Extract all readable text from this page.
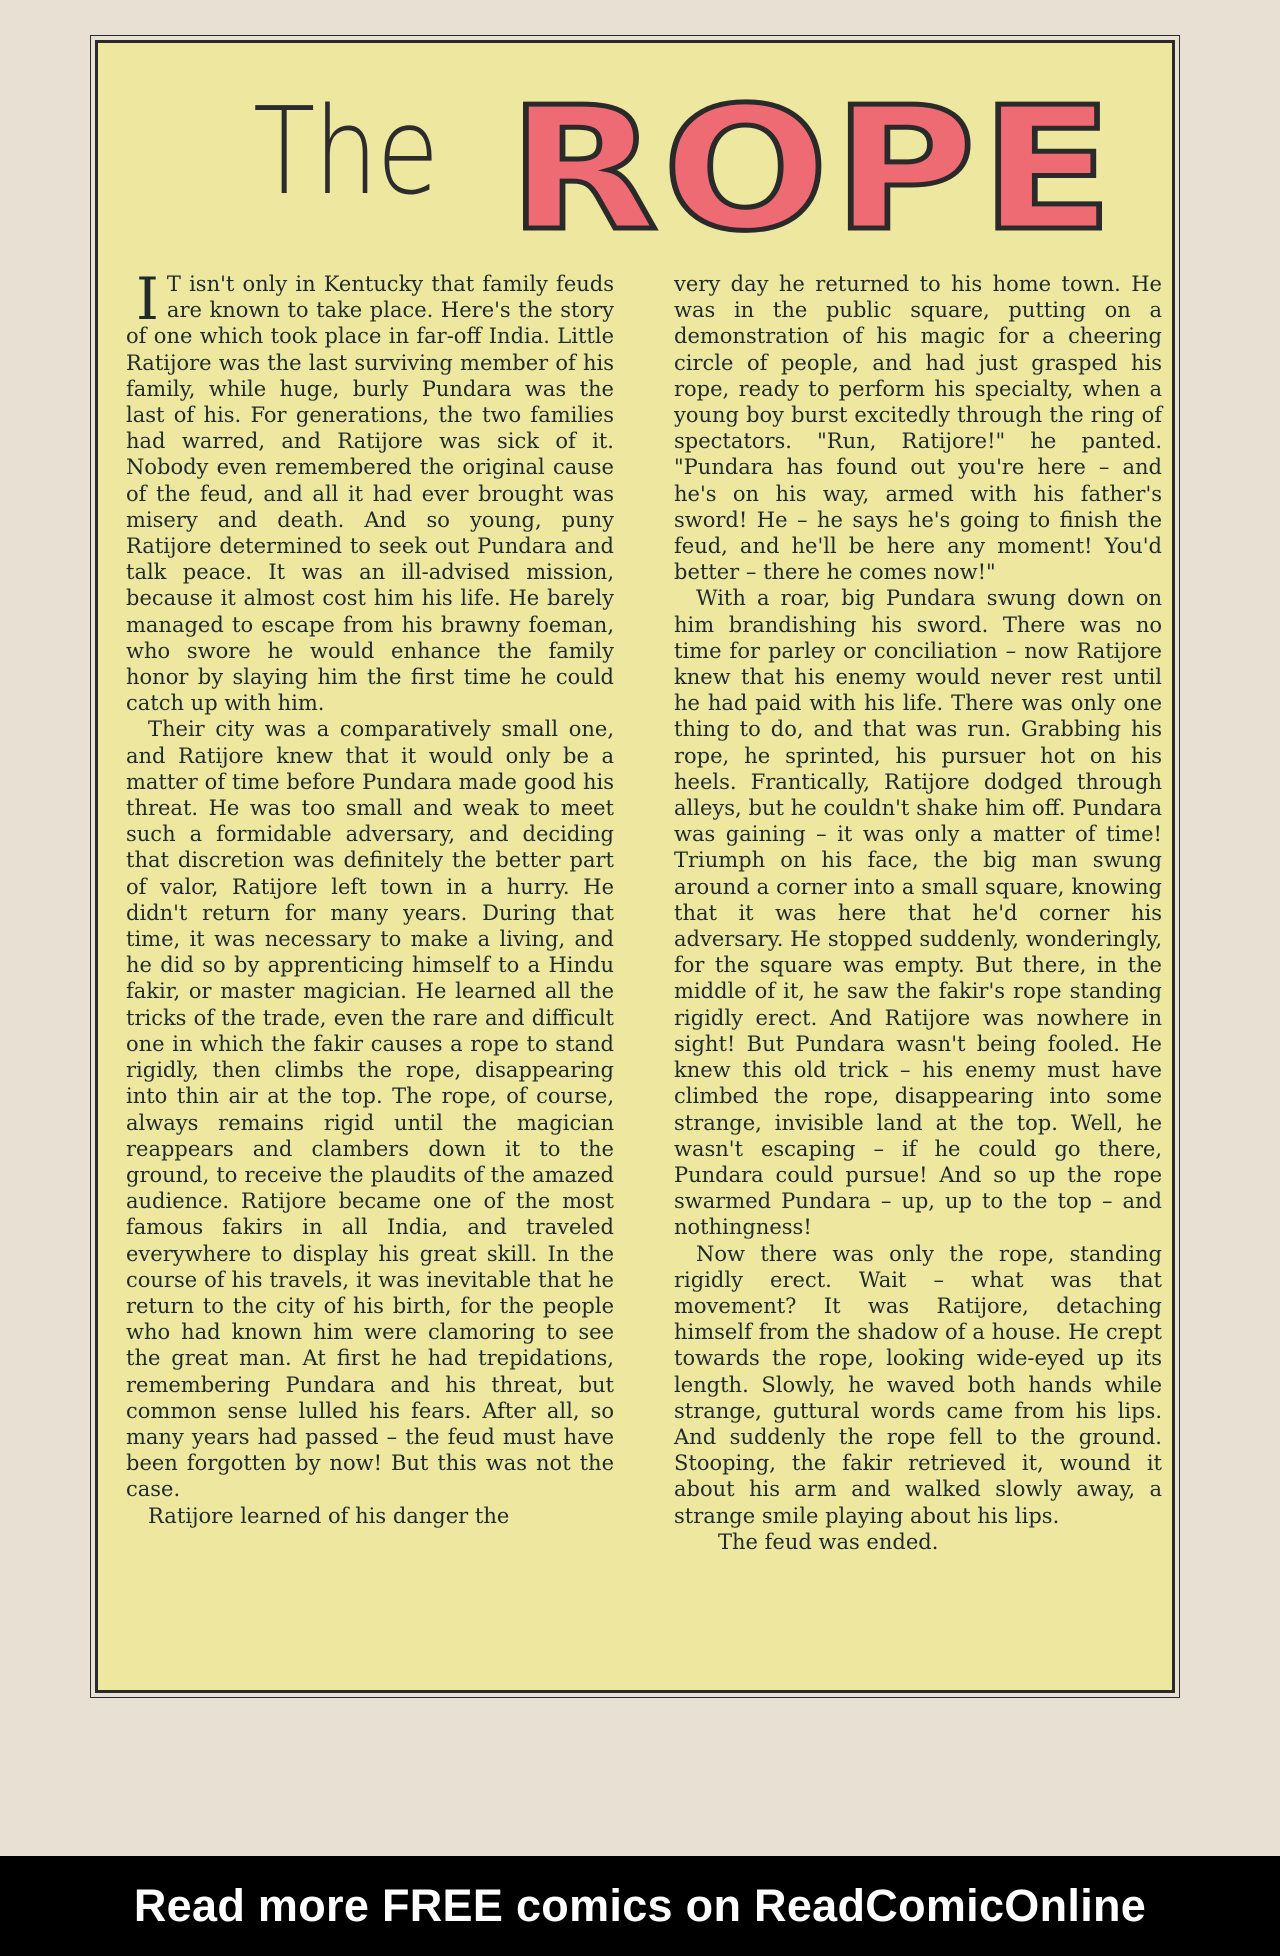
The ROPE

I T isn't only in Kentucky that family feuds are known to take place. Here's the story of one which took place in far-off India. Little Ratijore was the last surviving member of his family, while huge, burly Pundara was the last of his. For generations, the two families had warred, and Ratijore was sick of it. Nobody even remembered the original cause of the feud, and all it had ever brought was misery and death. And so young, puny Ratijore determined to seek out Pundara and talk peace. It was an ill-advised mission, because it almost cost him his life. He barely managed to escape from his brawny foeman, who swore he would enhance the family honor by slaying him the first time he could catch up with him.

Their city was a comparatively small one, and Ratijore knew that it would only be a matter of time before Pundara made good his threat. He was too small and weak to meet such a formidable adversary, and deciding that discretion was definitely the better part of valor, Ratijore left town in a hurry. He didn't return for many years. During that time, it was necessary to make a living, and he did so by apprenticing himself to a Hindu fakir, or master magician. He learned all the tricks of the trade, even the rare and difficult one in which the fakir causes a rope to stand rigidly, then climbs the rope, disappearing into thin air at the top. The rope, of course, always remains rigid until the magician reappears and clambers down it to the ground, to receive the plaudits of the amazed audience. Ratijore became one of the most famous fakirs in all India, and traveled everywhere to display his great skill. In the course of his travels, it was inevitable that he return to the city of his birth, for the people who had known him were clamoring to see the great man. At first he had trepidations, remembering Pundara and his threat, but common sense lulled his fears. After all, so many years had passed – the feud must have been forgotten by now! But this was not the case.

Ratijore learned of his danger the

very day he returned to his home town. He was in the public square, putting on a demonstration of his magic for a cheering circle of people, and had just grasped his rope, ready to perform his specialty, when a young boy burst excitedly through the ring of spectators. "Run, Ratijore!" he panted. "Pundara has found out you're here – and he's on his way, armed with his father's sword! He – he says he's going to finish the feud, and he'll be here any moment! You'd better – there he comes now!"

With a roar, big Pundara swung down on him brandishing his sword. There was no time for parley or conciliation – now Ratijore knew that his enemy would never rest until he had paid with his life. There was only one thing to do, and that was run. Grabbing his rope, he sprinted, his pursuer hot on his heels. Frantically, Ratijore dodged through alleys, but he couldn't shake him off. Pundara was gaining – it was only a matter of time! Triumph on his face, the big man swung around a corner into a small square, knowing that it was here that he'd corner his adversary. He stopped suddenly, wonderingly, for the square was empty. But there, in the middle of it, he saw the fakir's rope standing rigidly erect. And Ratijore was nowhere in sight! But Pundara wasn't being fooled. He knew this old trick – his enemy must have climbed the rope, disappearing into some strange, invisible land at the top. Well, he wasn't escaping – if he could go there, Pundara could pursue! And so up the rope swarmed Pundara – up, up to the top – and nothingness!

Now there was only the rope, standing rigidly erect. Wait – what was that movement? It was Ratijore, detaching himself from the shadow of a house. He crept towards the rope, looking wide-eyed up its length. Slowly, he waved both hands while strange, guttural words came from his lips. And suddenly the rope fell to the ground. Stooping, the fakir retrieved it, wound it about his arm and walked slowly away, a strange smile playing about his lips.

The feud was ended.

Read more FREE comics on ReadComicOnline
